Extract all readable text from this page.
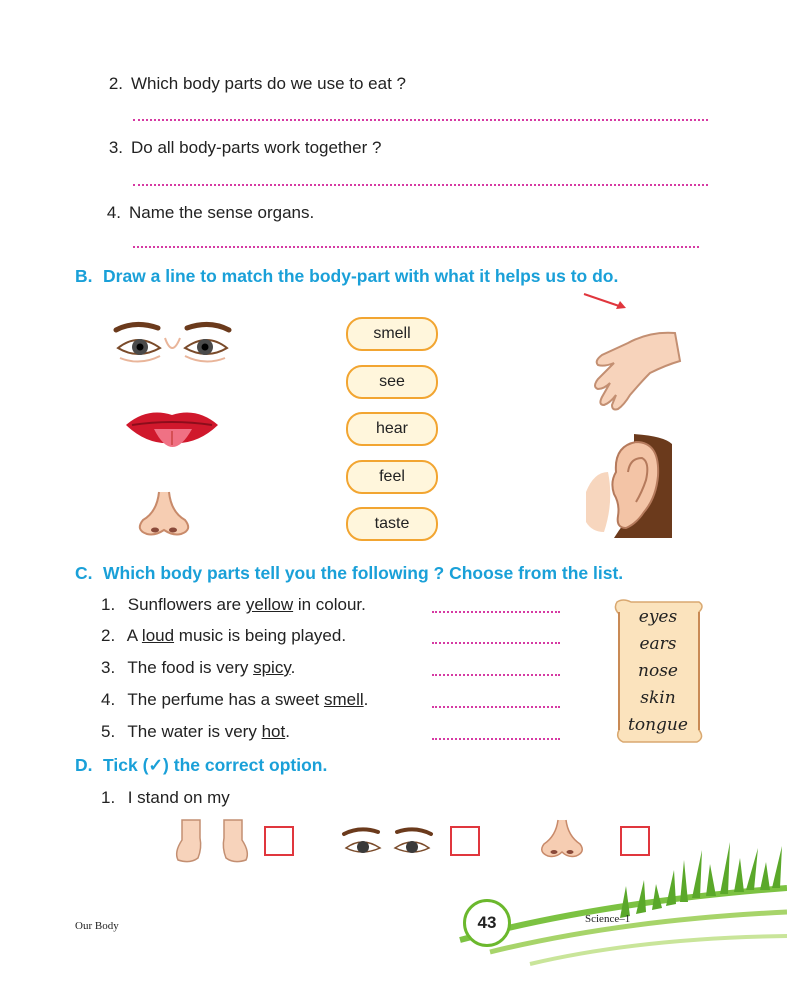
2. Which body parts do we use to eat ?
3. Do all body-parts work together ?
4. Name the sense organs.
B. Draw a line to match the body-part with what it helps us to do.
smell
see
hear
feel
taste
C. Which body parts tell you the following ? Choose from the list.
1. Sunflowers are yellow in colour.
2. A loud music is being played.
3. The food is very spicy.
4. The perfume has a sweet smell.
5. The water is very hot.
eyes
ears
nose
skin
tongue
D. Tick (✓) the correct option.
1. I stand on my
Our Body	43	Science–1
